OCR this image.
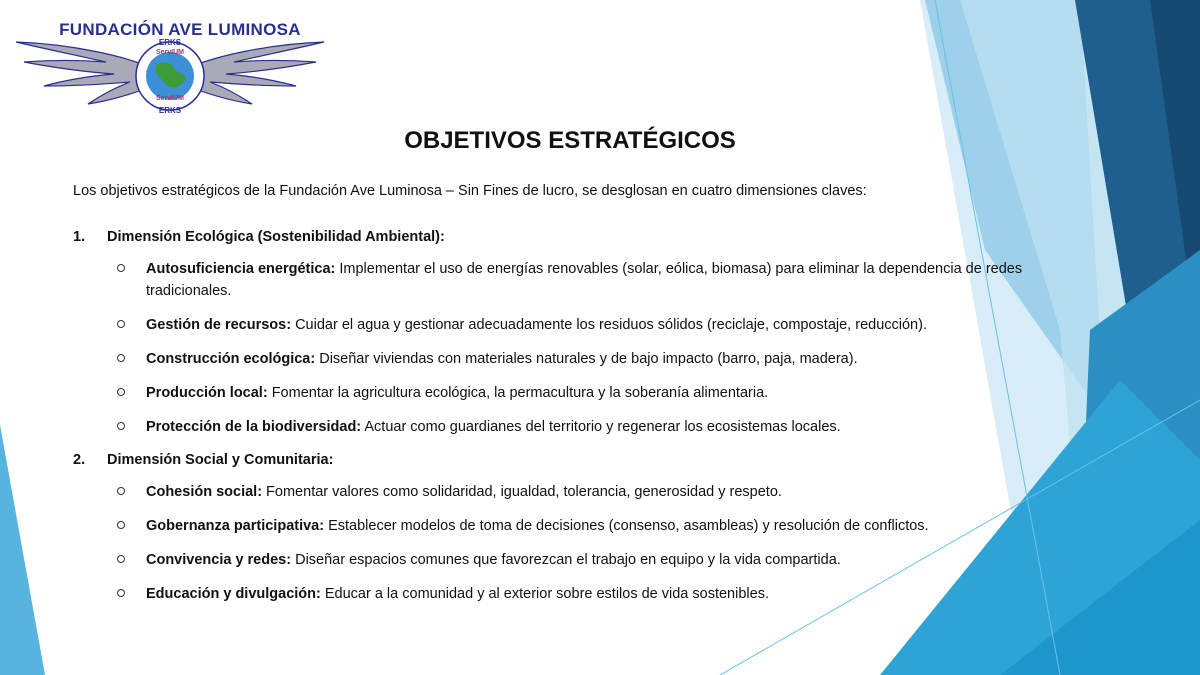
FUNDACIÓN AVE LUMINOSA
ERKS
ServIUM
ServIUM
ERKS
OBJETIVOS ESTRATÉGICOS

Los objetivos estratégicos de la Fundación Ave Luminosa – Sin Fines de lucro, se desglosan en cuatro dimensiones claves:

1.	Dimensión Ecológica (Sostenibilidad Ambiental):
Autosuficiencia energética: Implementar el uso de energías renovables (solar, eólica, biomasa) para eliminar la dependencia de redes tradicionales.
Gestión de recursos: Cuidar el agua y gestionar adecuadamente los residuos sólidos (reciclaje, compostaje, reducción).
Construcción ecológica: Diseñar viviendas con materiales naturales y de bajo impacto (barro, paja, madera).
Producción local: Fomentar la agricultura ecológica, la permacultura y la soberanía alimentaria.
Protección de la biodiversidad: Actuar como guardianes del territorio y regenerar los ecosistemas locales.
2.	Dimensión Social y Comunitaria:
Cohesión social: Fomentar valores como solidaridad, igualdad, tolerancia, generosidad y respeto.
Gobernanza participativa: Establecer modelos de toma de decisiones (consenso, asambleas) y resolución de conflictos.
Convivencia y redes: Diseñar espacios comunes que favorezcan el trabajo en equipo y la vida compartida.
Educación y divulgación: Educar a la comunidad y al exterior sobre estilos de vida sostenibles.
